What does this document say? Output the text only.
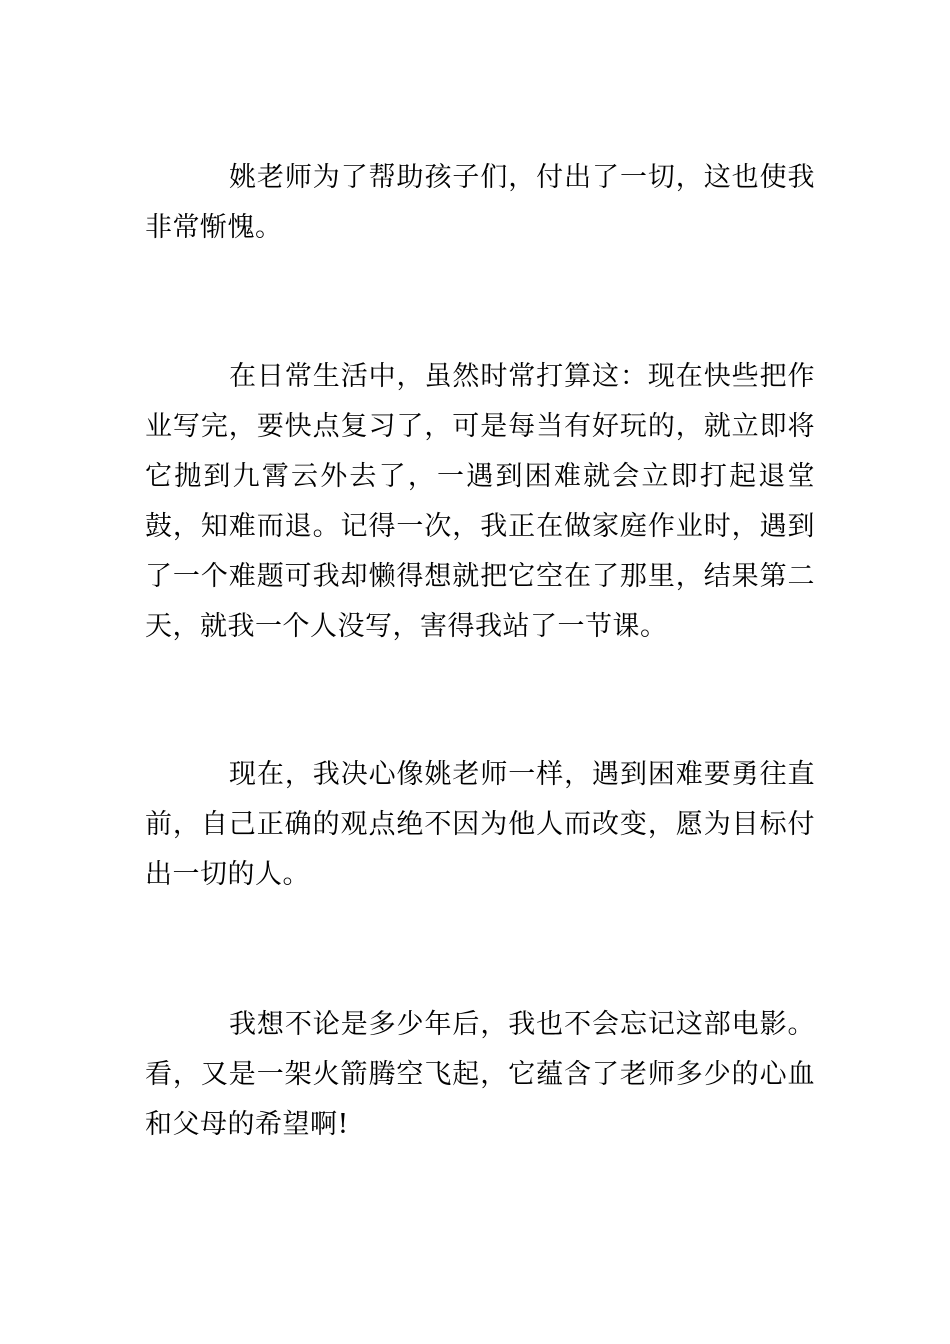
姚老师为了帮助孩子们，付出了一切，这也使我非常惭愧。

在日常生活中，虽然时常打算这：现在快些把作业写完，要快点复习了，可是每当有好玩的，就立即将它抛到九霄云外去了，一遇到困难就会立即打起退堂鼓，知难而退。记得一次，我正在做家庭作业时，遇到了一个难题可我却懒得想就把它空在了那里，结果第二天，就我一个人没写，害得我站了一节课。

现在，我决心像姚老师一样，遇到困难要勇往直前，自己正确的观点绝不因为他人而改变，愿为目标付出一切的人。

我想不论是多少年后，我也不会忘记这部电影。看，又是一架火箭腾空飞起，它蕴含了老师多少的心血和父母的希望啊!
